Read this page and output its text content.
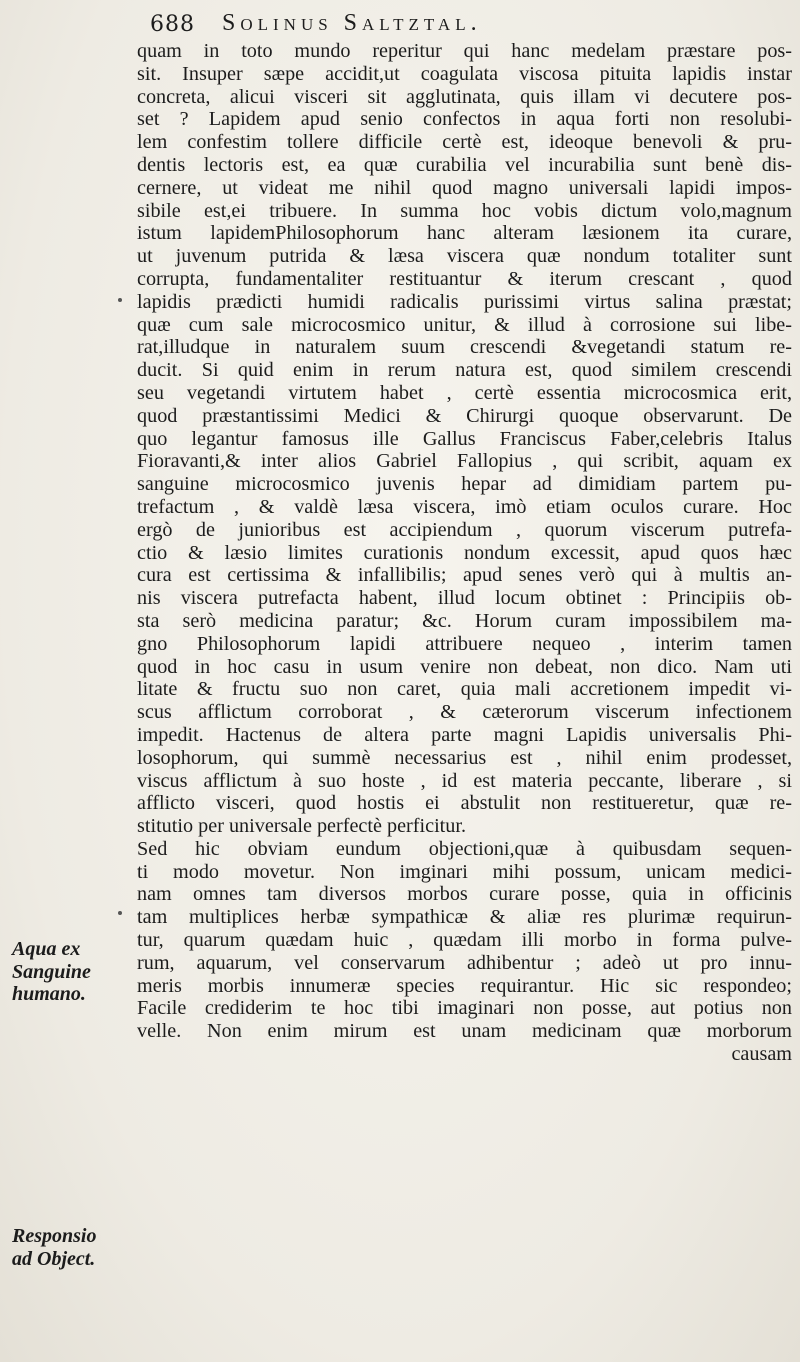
688 Solinus Saltztal.
Aqua ex
Sanguine
humano.
Responsio
ad Object.
quam in toto mundo reperitur qui hanc medelam præstare pos-
sit. Insuper sæpe accidit,ut coagulata viscosa pituita lapidis instar
concreta, alicui visceri sit agglutinata, quis illam vi decutere pos-
set ? Lapidem apud senio confectos in aqua forti non resolubi-
lem confestim tollere difficile certè est, ideoque benevoli & pru-
dentis lectoris est, ea quæ curabilia vel incurabilia sunt benè dis-
cernere, ut videat me nihil quod magno universali lapidi impos-
sibile est,ei tribuere. In summa hoc vobis dictum volo,magnum
istum lapidemPhilosophorum hanc alteram læsionem ita curare,
ut juvenum putrida & læsa viscera quæ nondum totaliter sunt
corrupta, fundamentaliter restituantur & iterum crescant , quod
lapidis prædicti humidi radicalis purissimi virtus salina præstat;
quæ cum sale microcosmico unitur, & illud à corrosione sui libe-
rat,illudque in naturalem suum crescendi &vegetandi statum re-
ducit. Si quid enim in rerum natura est, quod similem crescendi
seu vegetandi virtutem habet , certè essentia microcosmica erit,
quod præstantissimi Medici & Chirurgi quoque observarunt. De
quo legantur famosus ille Gallus Franciscus Faber,celebris Italus
Fioravanti,& inter alios Gabriel Fallopius , qui scribit, aquam ex
sanguine microcosmico juvenis hepar ad dimidiam partem pu-
trefactum , & valdè læsa viscera, imò etiam oculos curare. Hoc
ergò de junioribus est accipiendum , quorum viscerum putrefa-
ctio & læsio limites curationis nondum excessit, apud quos hæc
cura est certissima & infallibilis; apud senes verò qui à multis an-
nis viscera putrefacta habent, illud locum obtinet : Principiis ob-
sta serò medicina paratur; &c. Horum curam impossibilem ma-
gno Philosophorum lapidi attribuere nequeo , interim tamen
quod in hoc casu in usum venire non debeat, non dico. Nam uti
litate & fructu suo non caret, quia mali accretionem impedit vi-
scus afflictum corroborat , & cæterorum viscerum infectionem
impedit. Hactenus de altera parte magni Lapidis universalis Phi-
losophorum, qui summè necessarius est , nihil enim prodesset,
viscus afflictum à suo hoste , id est materia peccante, liberare , si
afflicto visceri, quod hostis ei abstulit non restitueretur, quæ re-
stitutio per universale perfectè perficitur.
Sed hic obviam eundum objectioni,quæ à quibusdam sequen-
ti modo movetur. Non imginari mihi possum, unicam medici-
nam omnes tam diversos morbos curare posse, quia in officinis
tam multiplices herbæ sympathicæ & aliæ res plurimæ requirun-
tur, quarum quædam huic , quædam illi morbo in forma pulve-
rum, aquarum, vel conservarum adhibentur ; adeò ut pro innu-
meris morbis innumeræ species requirantur. Hic sic respondeo;
Facile crediderim te hoc tibi imaginari non posse, aut potius non
velle. Non enim mirum est unam medicinam quæ morborum
causam
